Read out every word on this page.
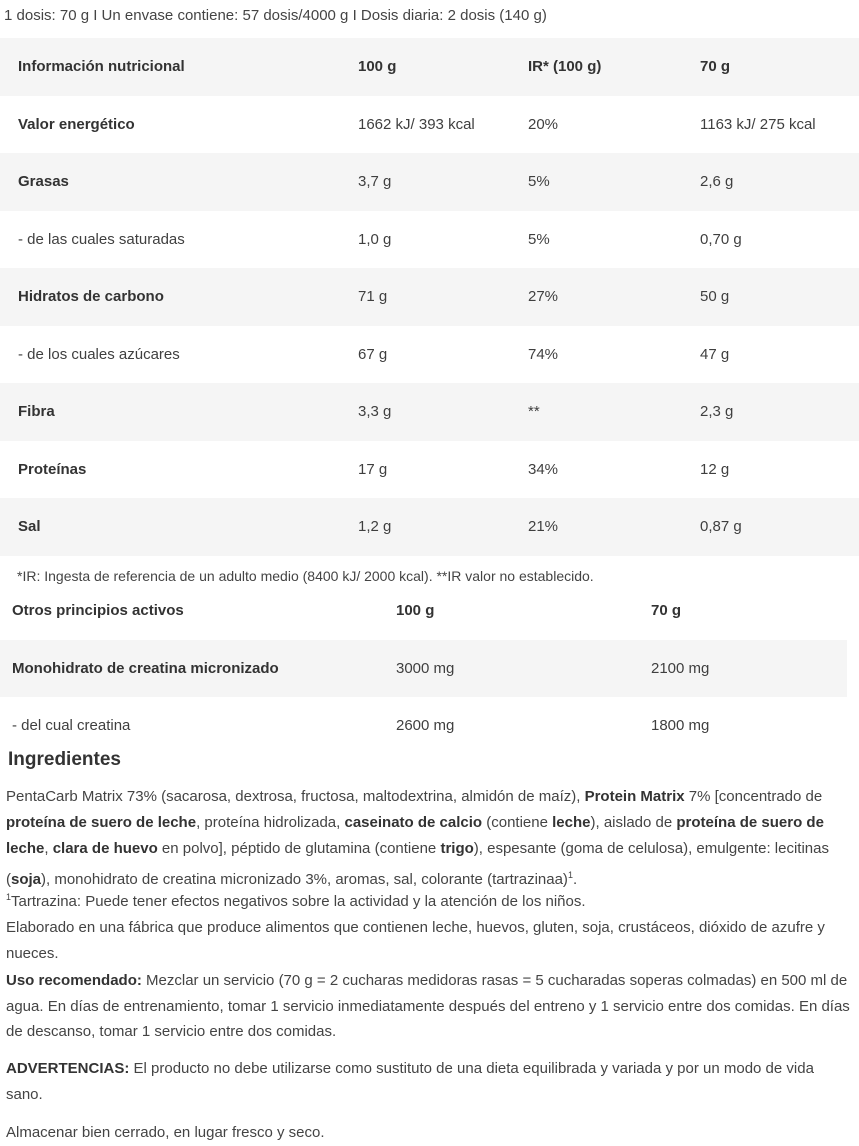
1 dosis: 70 g I Un envase contiene: 57 dosis/4000 g I Dosis diaria: 2 dosis (140 g)
Información nutricional	100 g	IR* (100 g)	70 g
Valor energético	1662 kJ/ 393 kcal	20%	1163 kJ/ 275 kcal
Grasas	3,7 g	5%	2,6 g
- de las cuales saturadas	1,0 g	5%	0,70 g
Hidratos de carbono	71 g	27%	50 g
- de los cuales azúcares	67 g	74%	47 g
Fibra	3,3 g	**	2,3 g
Proteínas	17 g	34%	12 g
Sal	1,2 g	21%	0,87 g
*IR: Ingesta de referencia de un adulto medio (8400 kJ/ 2000 kcal). **IR valor no establecido.
Otros principios activos	100 g	70 g
Monohidrato de creatina micronizado	3000 mg	2100 mg
- del cual creatina	2600 mg	1800 mg
Ingredientes

PentaCarb Matrix 73% (sacarosa, dextrosa, fructosa, maltodextrina, almidón de maíz), Protein Matrix 7% [concentrado de proteína de suero de leche, proteína hidrolizada, caseinato de calcio (contiene leche), aislado de proteína de suero de leche, clara de huevo en polvo], péptido de glutamina (contiene trigo), espesante (goma de celulosa), emulgente: lecitinas (soja), monohidrato de creatina micronizado 3%, aromas, sal, colorante (tartrazinaa)$^1$.

$^1$Tartrazina: Puede tener efectos negativos sobre la actividad y la atención de los niños.
Elaborado en una fábrica que produce alimentos que contienen leche, huevos, gluten, soja, crustáceos, dióxido de azufre y nueces.

Uso recomendado: Mezclar un servicio (70 g = 2 cucharas medidoras rasas = 5 cucharadas soperas colmadas) en 500 ml de agua. En días de entrenamiento, tomar 1 servicio inmediatamente después del entreno y 1 servicio entre dos comidas. En días de descanso, tomar 1 servicio entre dos comidas.

ADVERTENCIAS: El producto no debe utilizarse como sustituto de una dieta equilibrada y variada y por un modo de vida sano.

Almacenar bien cerrado, en lugar fresco y seco.
